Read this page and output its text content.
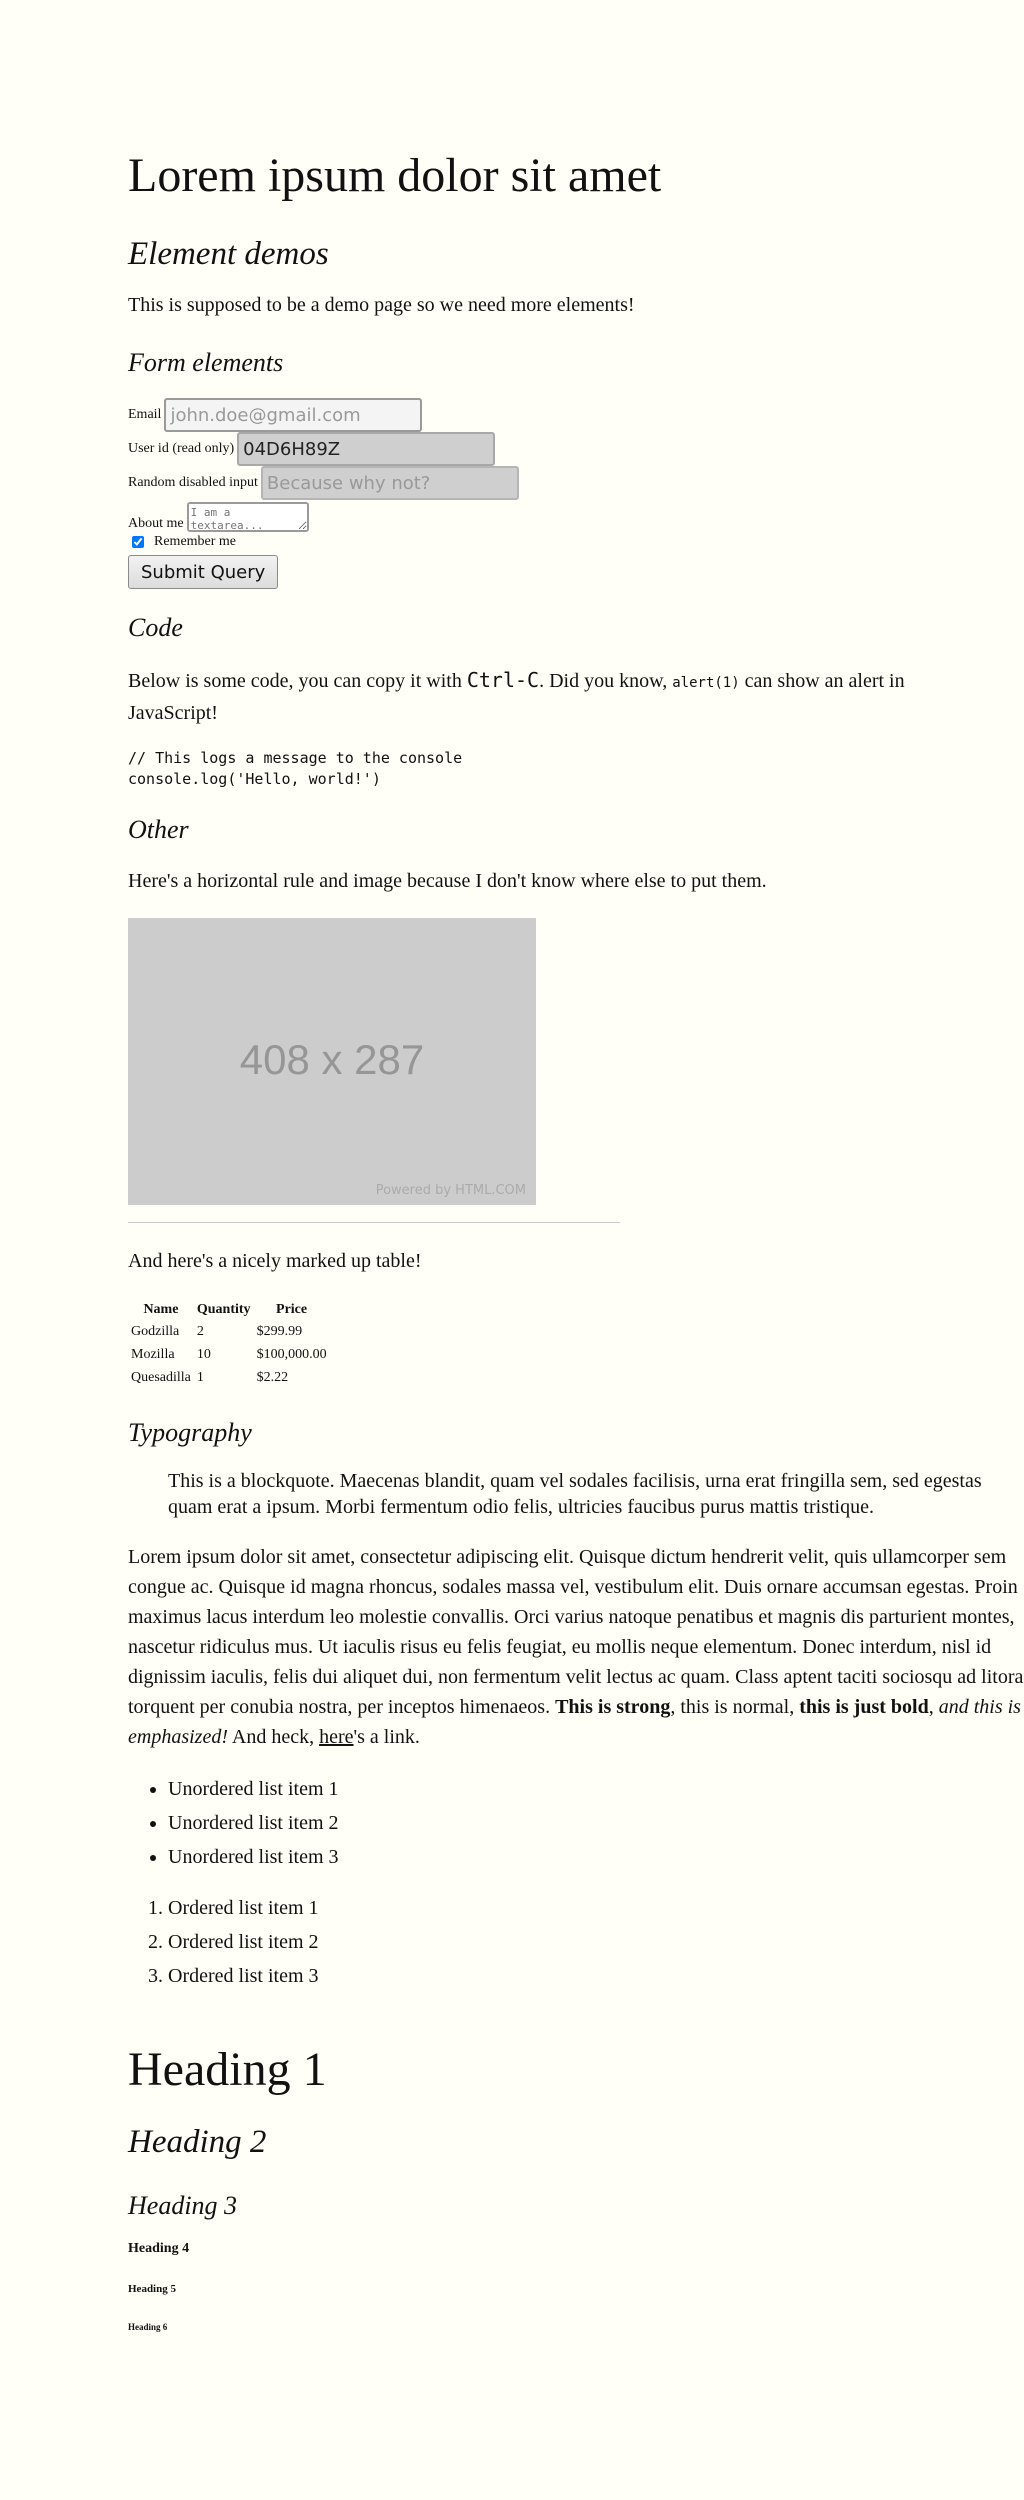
Lorem ipsum dolor sit amet
Element demos

This is supposed to be a demo page so we need more elements!

Form elements
Email
john.doe@gmail.com
User id (read only)
04D6H89Z
Random disabled input
Because why not?
About me
I am a textarea...
Remember me
Submit Query
Code

Below is some code, you can copy it with Ctrl-C. Did you know, alert(1) can show an alert in JavaScript!

// This logs a message to the console
console.log('Hello, world!')
Other

Here's a horizontal rule and image because I don't know where else to put them.

408 x 287
Powered by HTML.COM

And here's a nicely marked up table!

Name	Quantity	Price
Godzilla	2	$299.99
Mozilla	10	$100,000.00
Quesadilla	1	$2.22
Typography
This is a blockquote. Maecenas blandit, quam vel sodales facilisis, urna erat fringilla sem, sed egestas quam erat a ipsum. Morbi fermentum odio felis, ultricies faucibus purus mattis tristique.

Lorem ipsum dolor sit amet, consectetur adipiscing elit. Quisque dictum hendrerit velit, quis ullamcorper sem congue ac. Quisque id magna rhoncus, sodales massa vel, vestibulum elit. Duis ornare accumsan egestas. Proin maximus lacus interdum leo molestie convallis. Orci varius natoque penatibus et magnis dis parturient montes, nascetur ridiculus mus. Ut iaculis risus eu felis feugiat, eu mollis neque elementum. Donec interdum, nisl id dignissim iaculis, felis dui aliquet dui, non fermentum velit lectus ac quam. Class aptent taciti sociosqu ad litora torquent per conubia nostra, per inceptos himenaeos. This is strong, this is normal, this is just bold, and this is emphasized! And heck, here's a link.

• Unordered list item 1
• Unordered list item 2
• Unordered list item 3
1. Ordered list item 1
2. Ordered list item 2
3. Ordered list item 3
Heading 1
Heading 2
Heading 3
Heading 4
Heading 5
Heading 6
